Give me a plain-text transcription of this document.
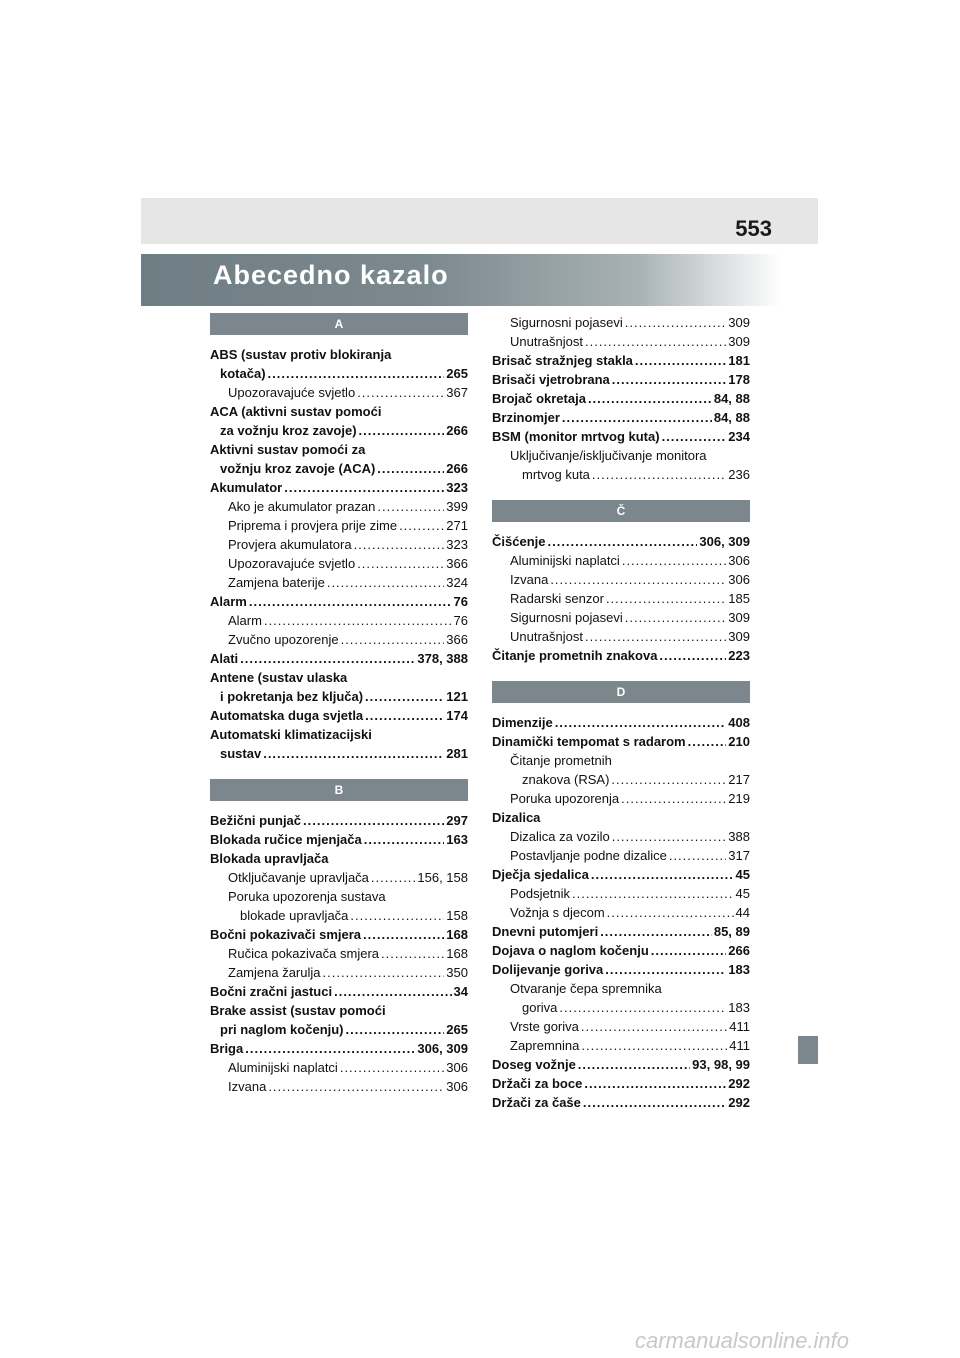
553
Abecedno kazalo
A
ABS (sustav protiv blokiranja
kotača) .....	265
Upozoravajuće svjetlo .....	367
ACA (aktivni sustav pomoći
za vožnju kroz zavoje) .....	266
Aktivni sustav pomoći za
vožnju kroz zavoje (ACA) .....	266
Akumulator .....	323
Ako je akumulator prazan .....	399
Priprema i provjera prije zime .....	271
Provjera akumulatora .....	323
Upozoravajuće svjetlo .....	366
Zamjena baterije .....	324
Alarm .....	76
Alarm .....	76
Zvučno upozorenje .....	366
Alati .....	378, 388
Antene (sustav ulaska
i pokretanja bez ključa) .....	121
Automatska duga svjetla .....	174
Automatski klimatizacijski
sustav .....	281
B
Bežični punjač .....	297
Blokada ručice mjenjača .....	163
Blokada upravljača
Otključavanje upravljača .....	156, 158
Poruka upozorenja sustava
blokade upravljača .....	158
Bočni pokazivači smjera .....	168
Ručica pokazivača smjera .....	168
Zamjena žarulja .....	350
Bočni zračni jastuci .....	34
Brake assist (sustav pomoći
pri naglom kočenju) .....	265
Briga .....	306, 309
Aluminijski naplatci .....	306
Izvana .....	306
Sigurnosni pojasevi .....	309
Unutrašnjost .....	309
Brisač stražnjeg stakla .....	181
Brisači vjetrobrana .....	178
Brojač okretaja .....	84, 88
Brzinomjer .....	84, 88
BSM (monitor mrtvog kuta) .....	234
Uključivanje/isključivanje monitora
mrtvog kuta .....	236
Č
Čišćenje .....	306, 309
Aluminijski naplatci .....	306
Izvana .....	306
Radarski senzor .....	185
Sigurnosni pojasevi .....	309
Unutrašnjost .....	309
Čitanje prometnih znakova .....	223
D
Dimenzije .....	408
Dinamički tempomat s radarom .....	210
Čitanje prometnih
znakova (RSA) .....	217
Poruka upozorenja .....	219
Dizalica
Dizalica za vozilo .....	388
Postavljanje podne dizalice .....	317
Dječja sjedalica .....	45
Podsjetnik .....	45
Vožnja s djecom .....	44
Dnevni putomjeri .....	85, 89
Dojava o naglom kočenju .....	266
Dolijevanje goriva .....	183
Otvaranje čepa spremnika
goriva .....	183
Vrste goriva .....	411
Zapremnina .....	411
Doseg vožnje .....	93, 98, 99
Držači za boce .....	292
Držači za čaše .....	292
carmanualsonline.info
